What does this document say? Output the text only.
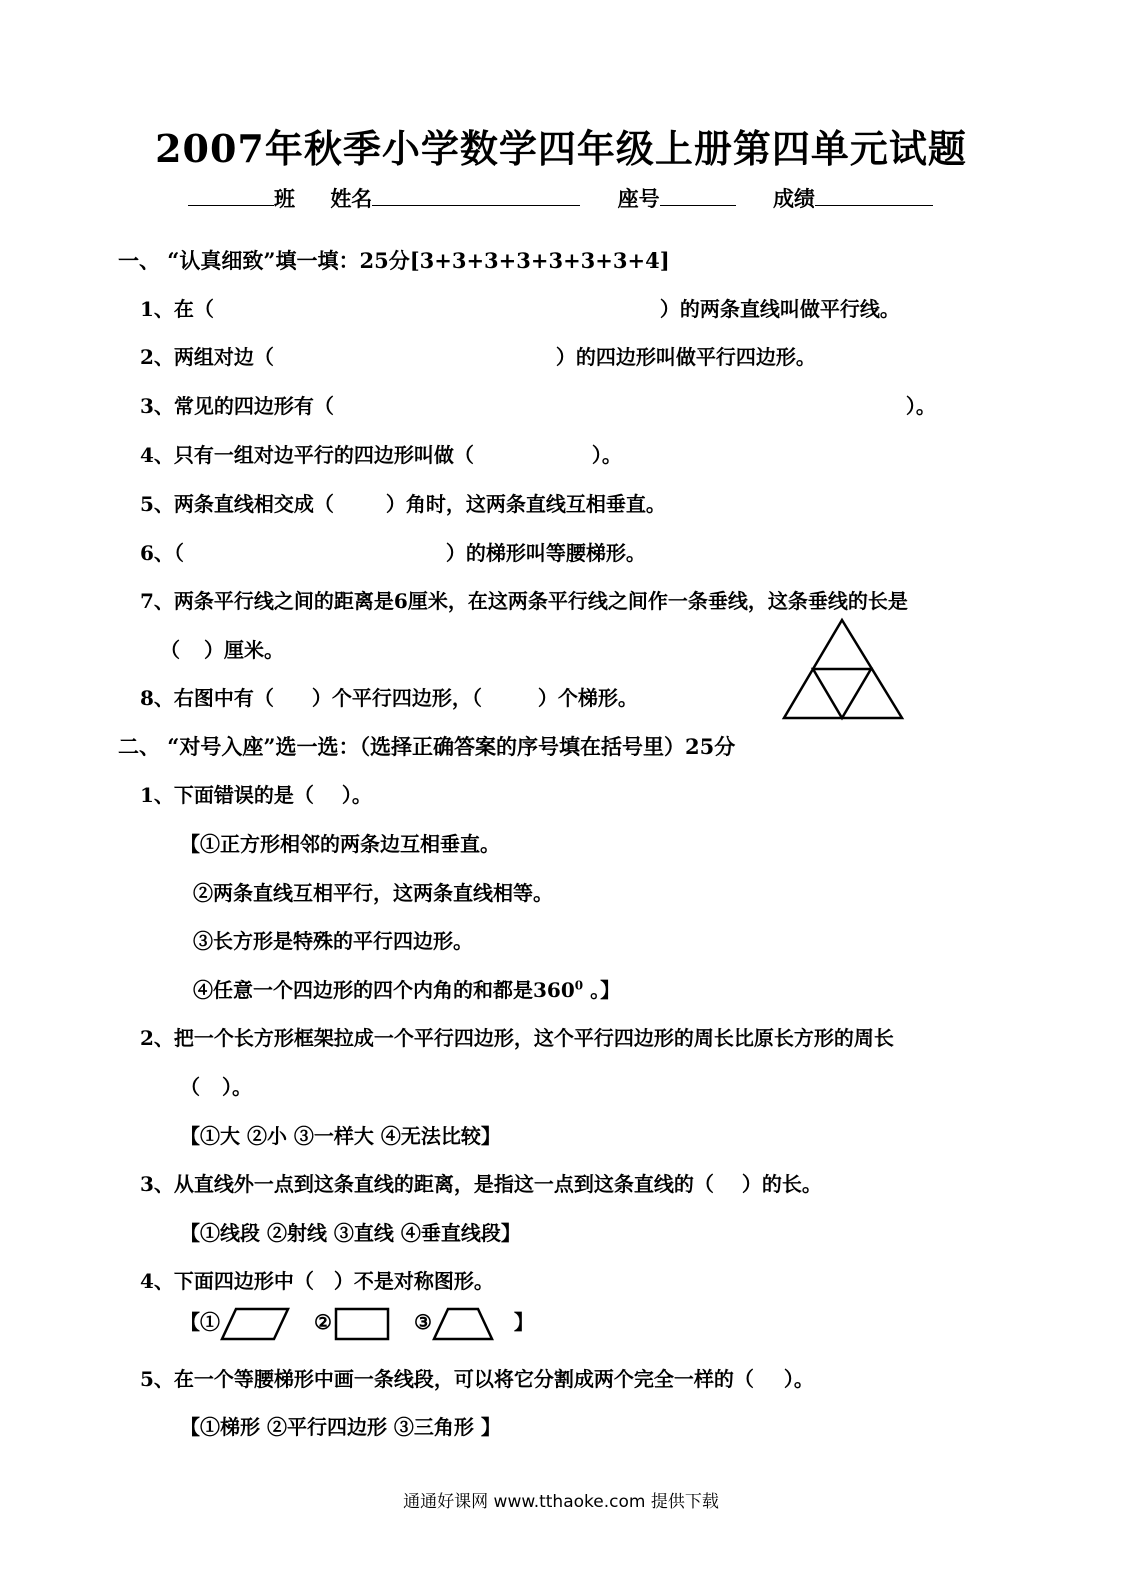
2007年秋季小学数学四年级上册第四单元试题
班 姓名	座号	成绩
一、 “认真细致”填一填：25分[3+3+3+3+3+3+3+4]
1、在（	）的两条直线叫做平行线。
2、两组对边（	）的四边形叫做平行四边形。
3、常见的四边形有（	）。
4、只有一组对边平行的四边形叫做（	）。
5、两条直线相交成（	）角时，这两条直线互相垂直。
6、（	）的梯形叫等腰梯形。
7、两条平行线之间的距离是6厘米，在这两条平行线之间作一条垂线，这条垂线的长是
（ ）厘米。
8、右图中有（ ）个平行四边形，（	）个梯形。
二、 “对号入座”选一选：（选择正确答案的序号填在括号里）25分
1、下面错误的是（ ）。
【①正方形相邻的两条边互相垂直。
②两条直线互相平行，这两条直线相等。
③长方形是特殊的平行四边形。
④任意一个四边形的四个内角的和都是$360^0$ 。】
2、把一个长方形框架拉成一个平行四边形，这个平行四边形的周长比原长方形的周长
（ ）。
【①大 ②小 ③一样大 ④无法比较】
3、从直线外一点到这条直线的距离，是指这一点到这条直线的（ ）的长。
【①线段 ②射线 ③直线 ④垂直线段】
4、下面四边形中（ ）不是对称图形。
【①	②	③	】
5、在一个等腰梯形中画一条线段，可以将它分割成两个完全一样的（ ）。
【①梯形 ②平行四边形 ③三角形 】
通通好课网 www.tthaoke.com 提供下载
